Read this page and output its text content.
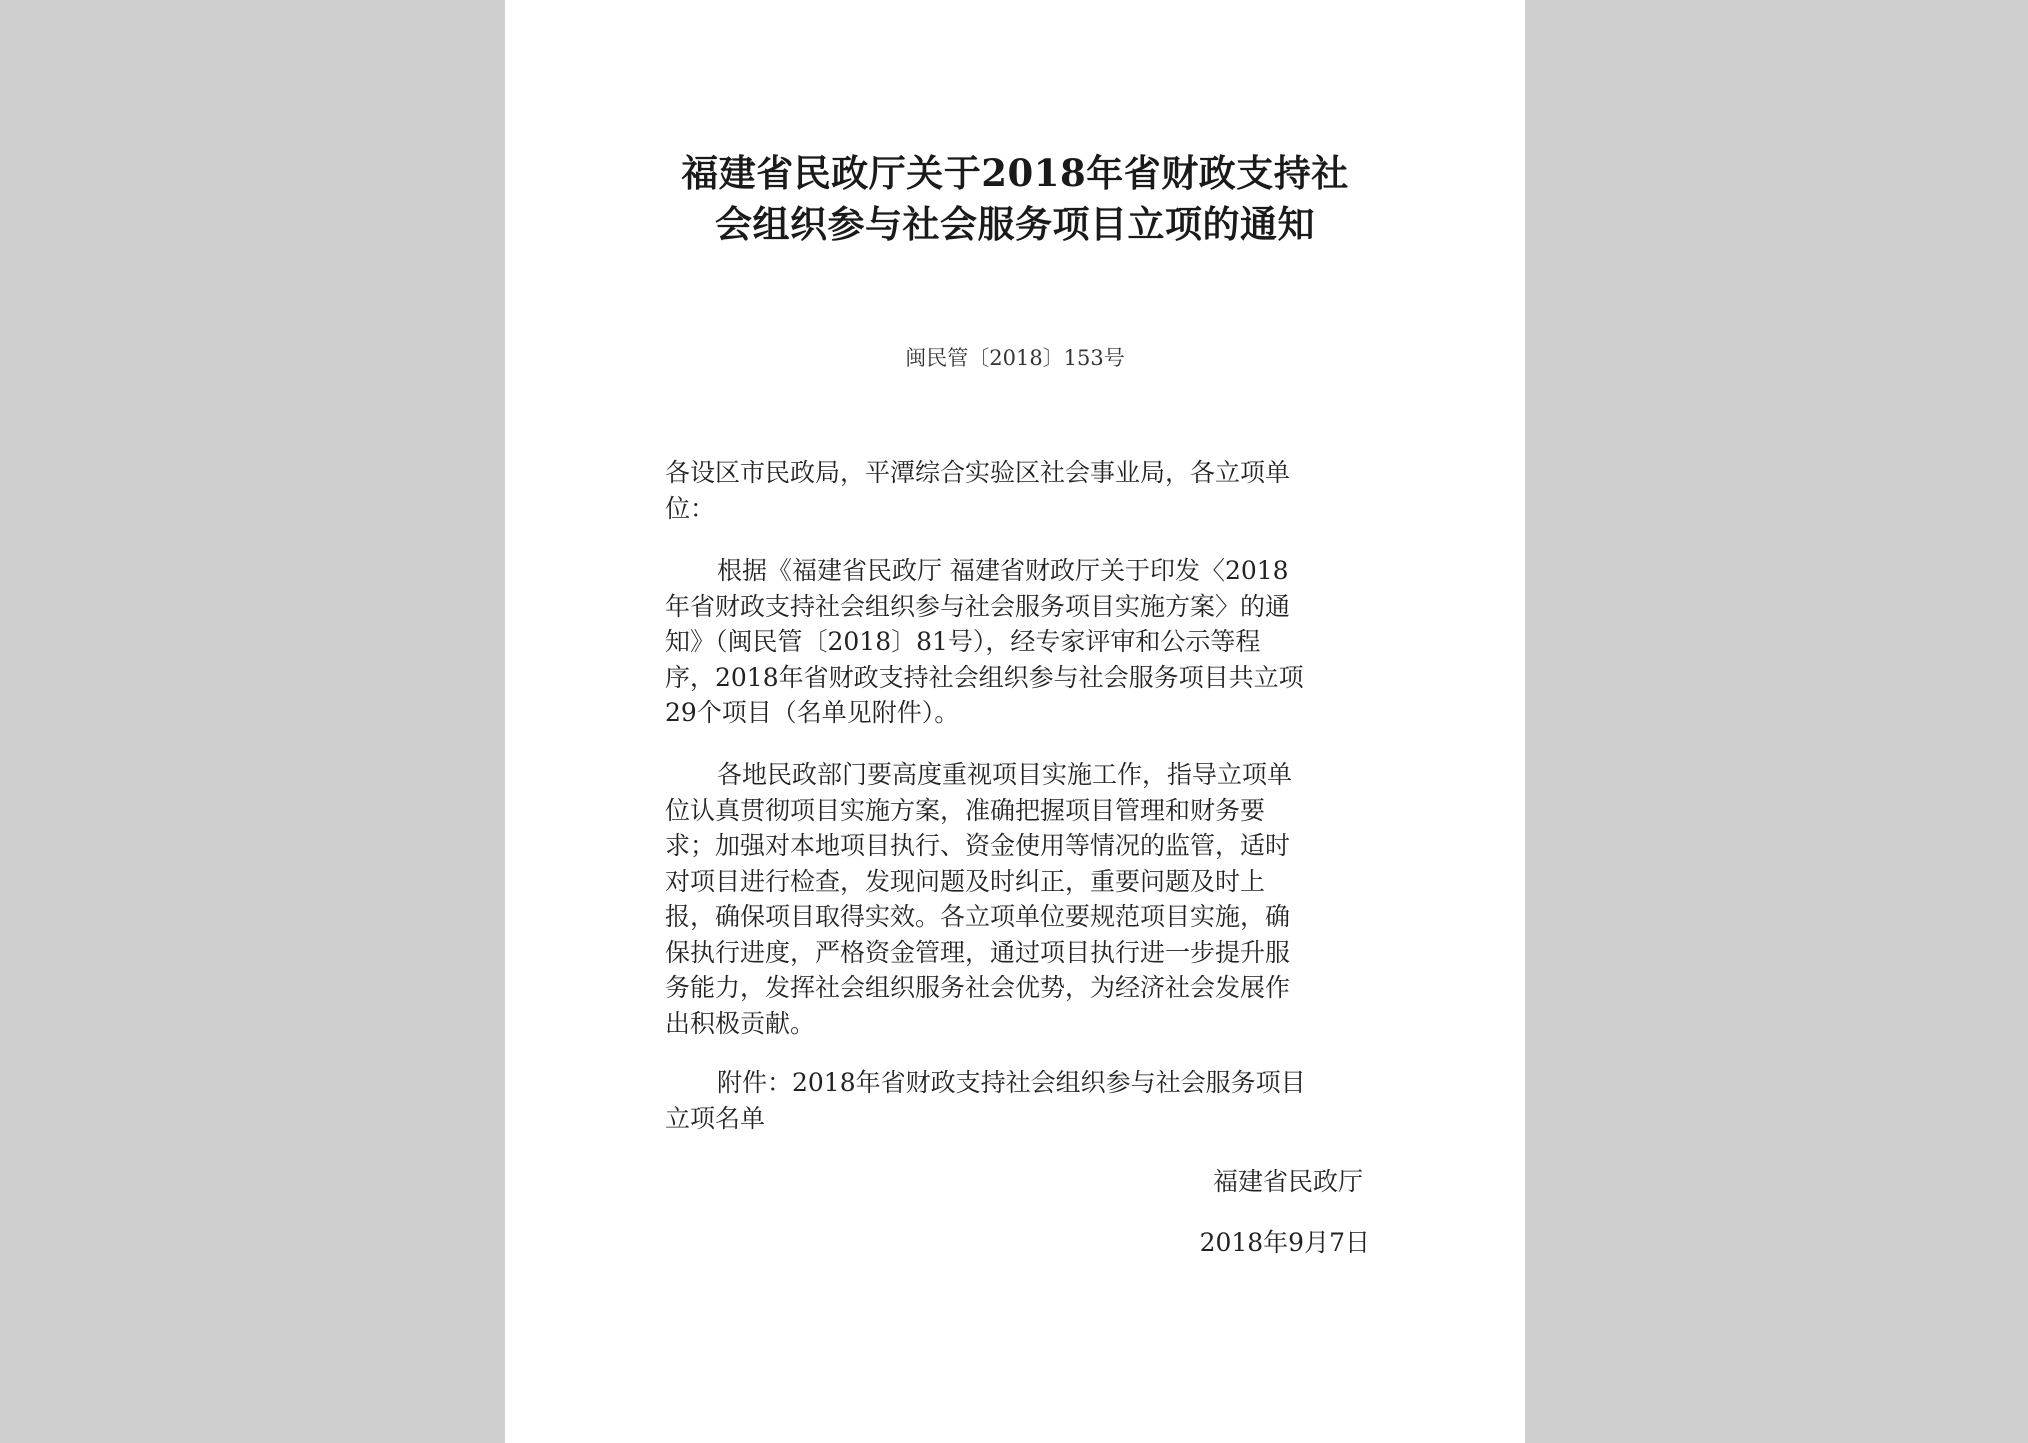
福建省民政厅关于2018年省财政支持社
会组织参与社会服务项目立项的通知
闽民管〔2018〕153号
各设区市民政局，平潭综合实验区社会事业局，各立项单
位：
根据《福建省民政厅 福建省财政厅关于印发〈2018
年省财政支持社会组织参与社会服务项目实施方案〉的通
知》（闽民管〔2018〕81号），经专家评审和公示等程
序，2018年省财政支持社会组织参与社会服务项目共立项
29个项目（名单见附件）。
各地民政部门要高度重视项目实施工作，指导立项单
位认真贯彻项目实施方案，准确把握项目管理和财务要
求；加强对本地项目执行、资金使用等情况的监管，适时
对项目进行检查，发现问题及时纠正，重要问题及时上
报，确保项目取得实效。各立项单位要规范项目实施，确
保执行进度，严格资金管理，通过项目执行进一步提升服
务能力，发挥社会组织服务社会优势，为经济社会发展作
出积极贡献。
附件：2018年省财政支持社会组织参与社会服务项目
立项名单
福建省民政厅
2018年9月7日
